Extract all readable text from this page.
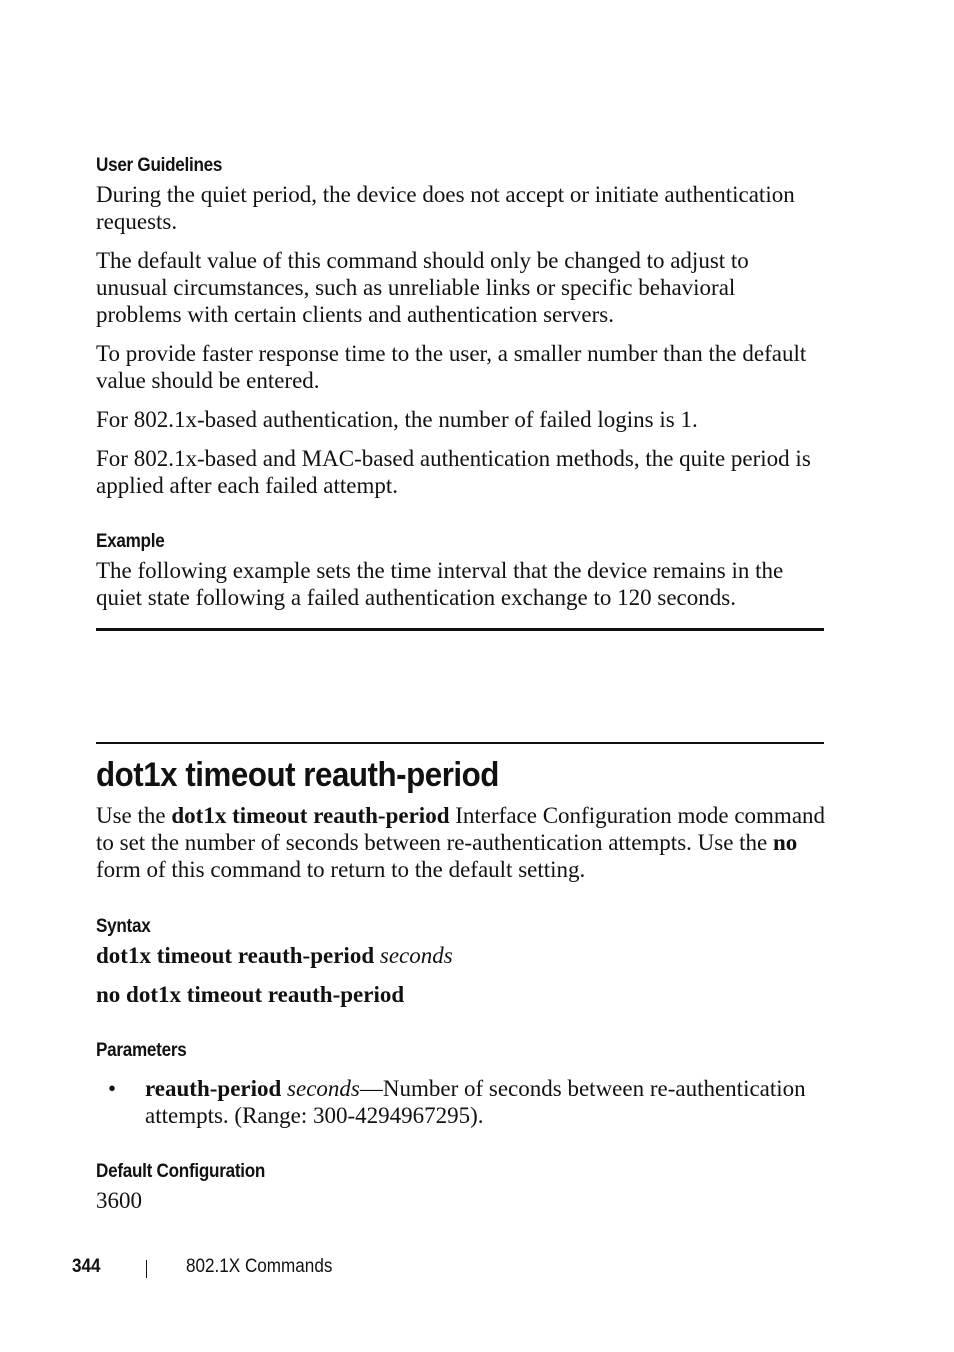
User Guidelines

During the quiet period, the device does not accept or initiate authentication requests.

The default value of this command should only be changed to adjust to unusual circumstances, such as unreliable links or specific behavioral problems with certain clients and authentication servers.

To provide faster response time to the user, a smaller number than the default value should be entered.

For 802.1x-based authentication, the number of failed logins is 1.

For 802.1x-based and MAC-based authentication methods, the quite period is applied after each failed attempt.

Example

The following example sets the time interval that the device remains in the quiet state following a failed authentication exchange to 120 seconds.

dot1x timeout reauth-period

Use the dot1x timeout reauth-period Interface Configuration mode command to set the number of seconds between re-authentication attempts. Use the no form of this command to return to the default setting.

Syntax

dot1x timeout reauth-period seconds

no dot1x timeout reauth-period

Parameters
• reauth-period seconds—Number of seconds between re-authentication attempts. (Range: 300-4294967295).

Default Configuration

3600

344	802.1X Commands
